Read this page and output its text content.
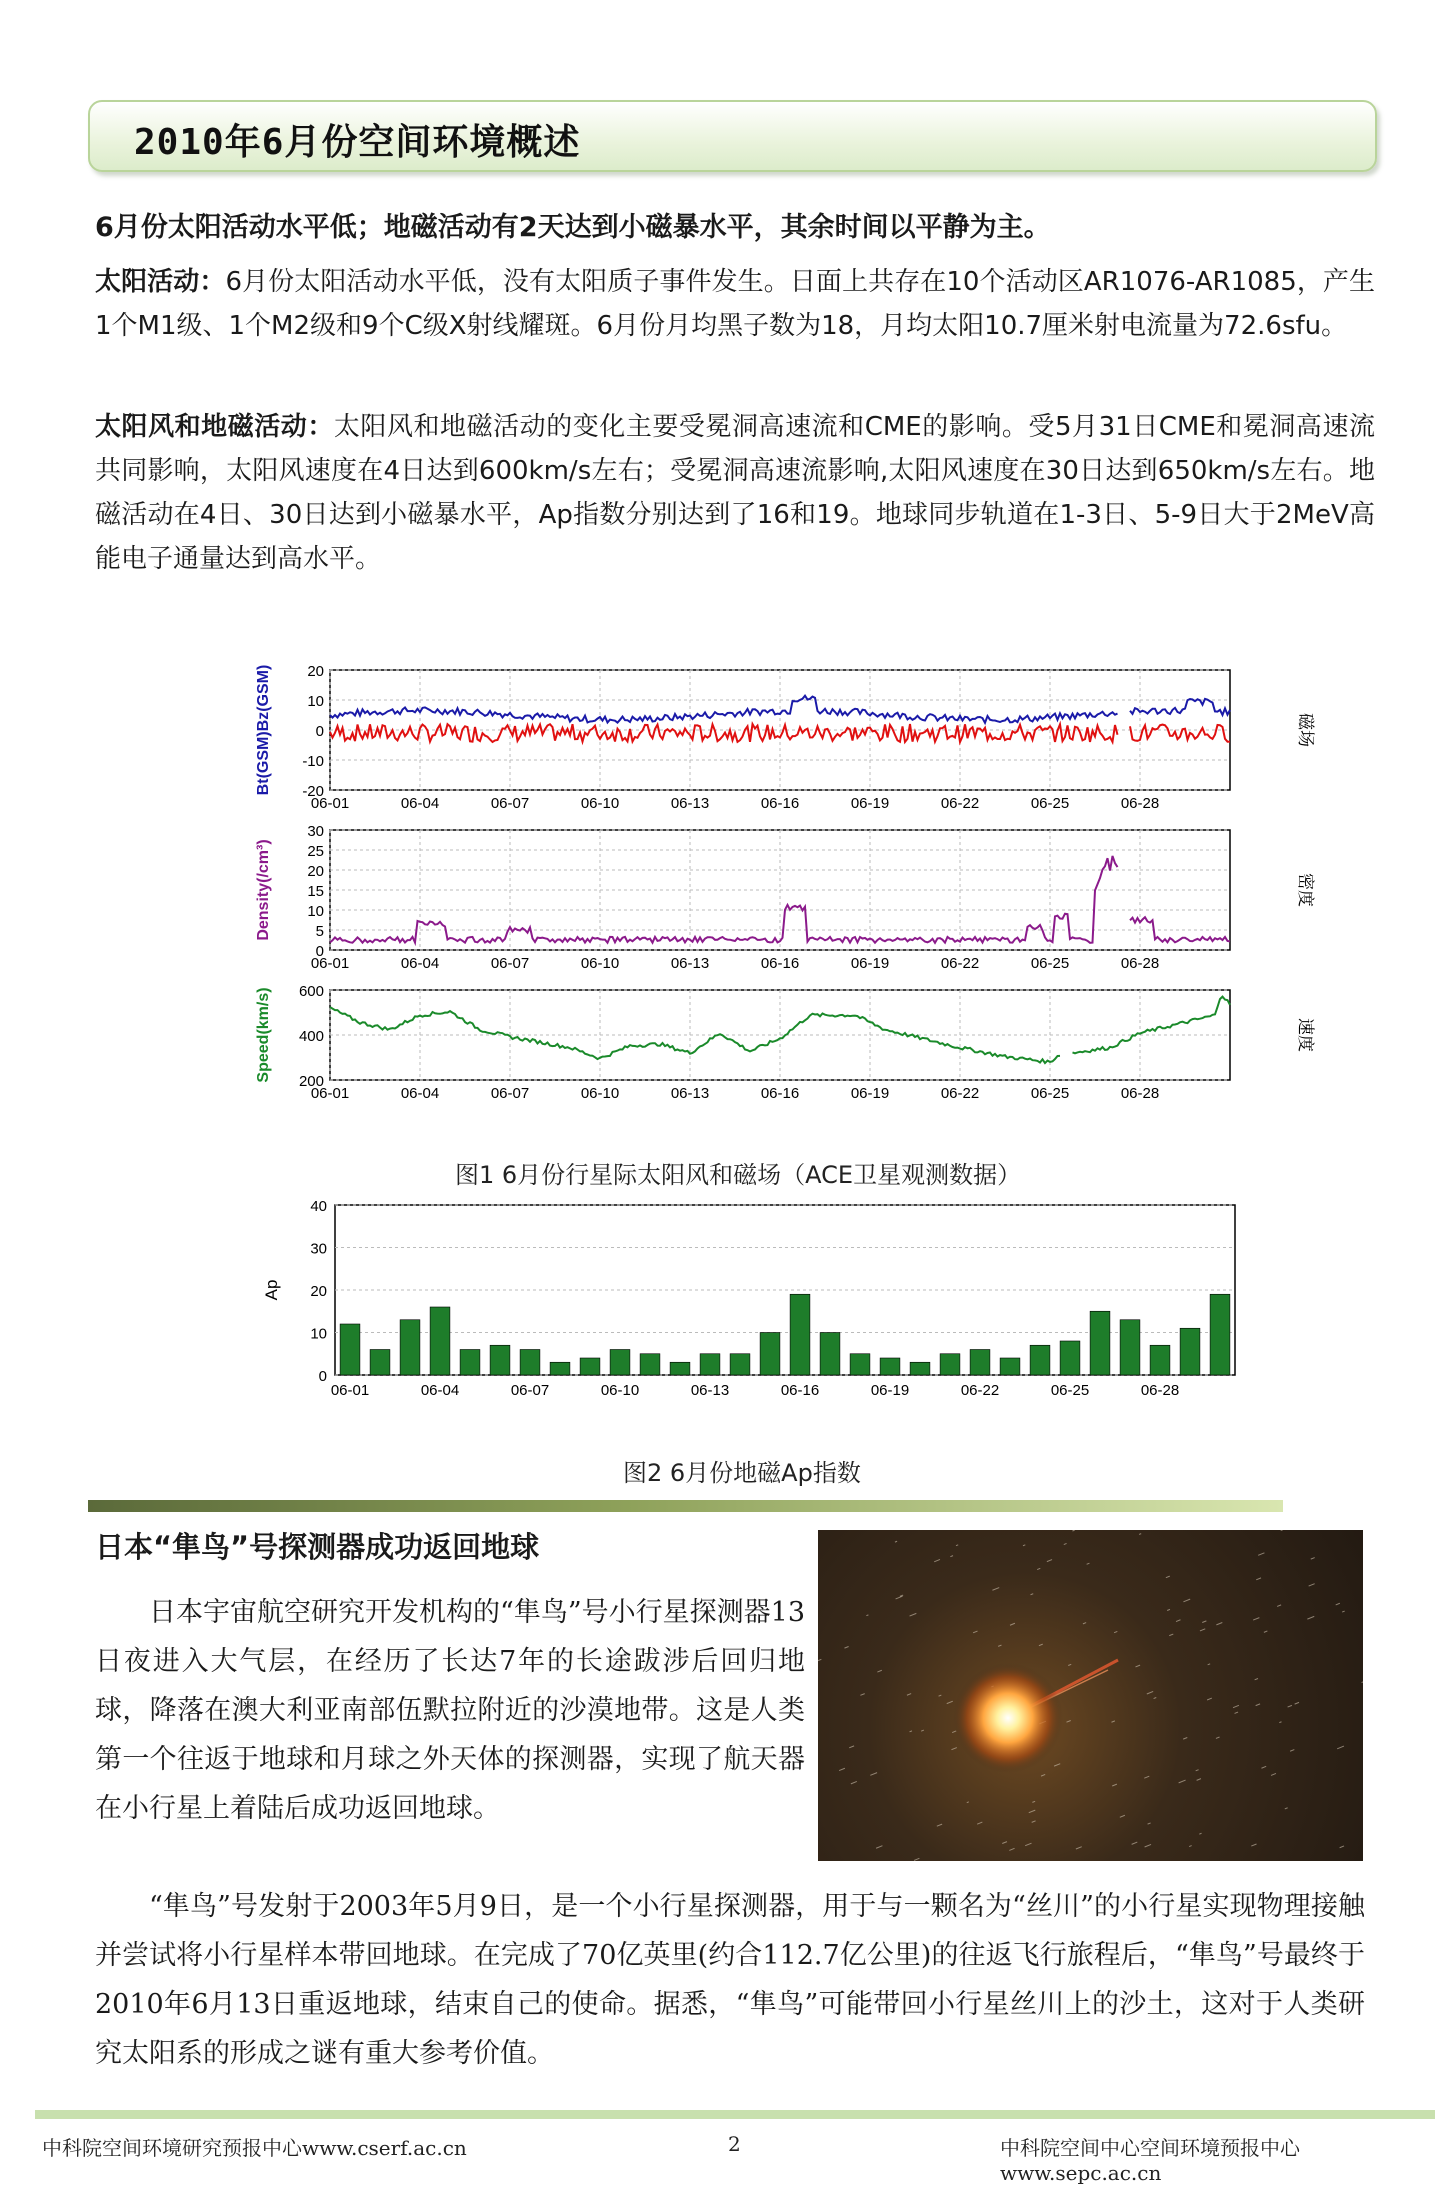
2010年6月份空间环境概述
6月份太阳活动水平低；地磁活动有2天达到小磁暴水平，其余时间以平静为主。
太阳活动：6月份太阳活动水平低，没有太阳质子事件发生。日面上共存在10个活动区AR1076-AR1085，产生1个M1级、1个M2级和9个C级X射线耀斑。6月份月均黑子数为18，月均太阳10.7厘米射电流量为72.6sfu。
太阳风和地磁活动：太阳风和地磁活动的变化主要受冕洞高速流和CME的影响。受5月31日CME和冕洞高速流共同影响，太阳风速度在4日达到600km/s左右；受冕洞高速流影响,太阳风速度在30日达到650km/s左右。地磁活动在4日、30日达到小磁暴水平，Ap指数分别达到了16和19。地球同步轨道在1-3日、5-9日大于2MeV高能电子通量达到高水平。
20
10
0
-10
-20
06-01	06-04	06-07	06-10	06-13	06-16	06-19	06-22	06-25	06-28
Bt(GSM)Bz(GSM)	磁场
30
25
20
15
10
5
0
06-01	06-04	06-07	06-10	06-13	06-16	06-19	06-22	06-25	06-28
Density(/cm³)	密度
600
400
200
06-01	06-04	06-07	06-10	06-13	06-16	06-19	06-22	06-25	06-28
Speed(km/s)	速度
图1 6月份行星际太阳风和磁场（ACE卫星观测数据）
40
30
20
10
0
Ap
06-01	06-04	06-07	06-10	06-13	06-16	06-19	06-22	06-25	06-28
图2 6月份地磁Ap指数
日本“隼鸟”号探测器成功返回地球
日本宇宙航空研究开发机构的“隼鸟”号小行星探测器13日夜进入大气层，在经历了长达7年的长途跋涉后回归地球，降落在澳大利亚南部伍默拉附近的沙漠地带。这是人类第一个往返于地球和月球之外天体的探测器，实现了航天器在小行星上着陆后成功返回地球。
“隼鸟”号发射于2003年5月9日，是一个小行星探测器，用于与一颗名为“丝川”的小行星实现物理接触并尝试将小行星样本带回地球。在完成了70亿英里(约合112.7亿公里)的往返飞行旅程后，“隼鸟”号最终于2010年6月13日重返地球，结束自己的使命。据悉，“隼鸟”可能带回小行星丝川上的沙土，这对于人类研究太阳系的形成之谜有重大参考价值。
中科院空间环境研究预报中心www.cserf.ac.cn	2	中科院空间中心空间环境预报中心www.sepc.ac.cn
